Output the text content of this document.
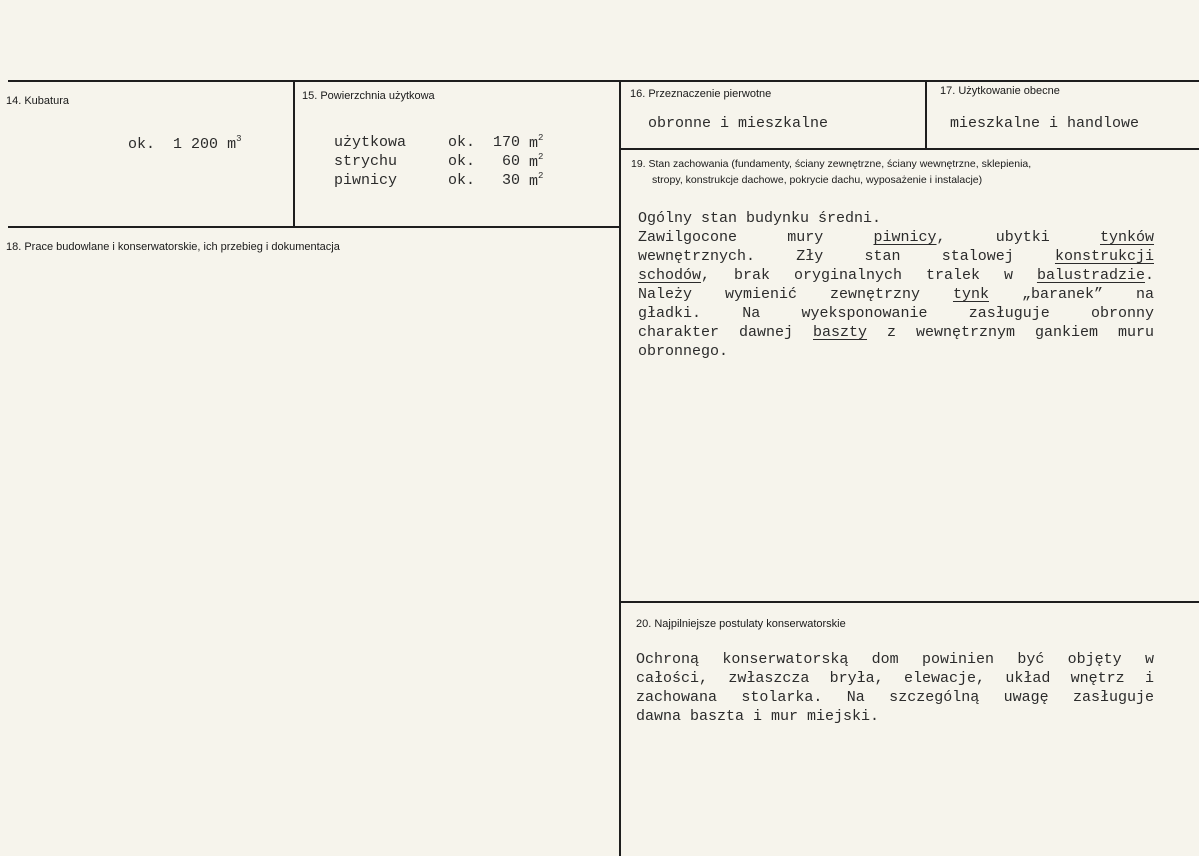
14. Kubatura
ok. 1 200 $m^3$
15. Powierzchnia użytkowa
użytkowa	ok.	170	$m^2$
strychu	ok.	60	$m^2$
piwnicy	ok.	30	$m^2$
16. Przeznaczenie pierwotne
obronne i mieszkalne
17. Użytkowanie obecne
mieszkalne i handlowe
18. Prace budowlane i konserwatorskie, ich przebieg i dokumentacja
19. Stan zachowania (fundamenty, ściany zewnętrzne, ściany wewnętrzne, sklepienia,
stropy, konstrukcje dachowe, pokrycie dachu, wyposażenie i instalacje)
Ogólny stan budynku średni.
Zawilgocone mury piwnicy, ubytki tynków
wewnętrznych. Zły stan stalowej konstrukcji
schodów, brak oryginalnych tralek w balustradzie.
Należy wymienić zewnętrzny tynk „baranek” na
gładki. Na wyeksponowanie zasługuje obronny
charakter dawnej baszty z wewnętrznym gankiem muru
obronnego.
20. Najpilniejsze postulaty konserwatorskie
Ochroną konserwatorską dom powinien być objęty w
całości, zwłaszcza bryła, elewacje, układ wnętrz i
zachowana stolarka. Na szczególną uwagę zasługuje
dawna baszta i mur miejski.
